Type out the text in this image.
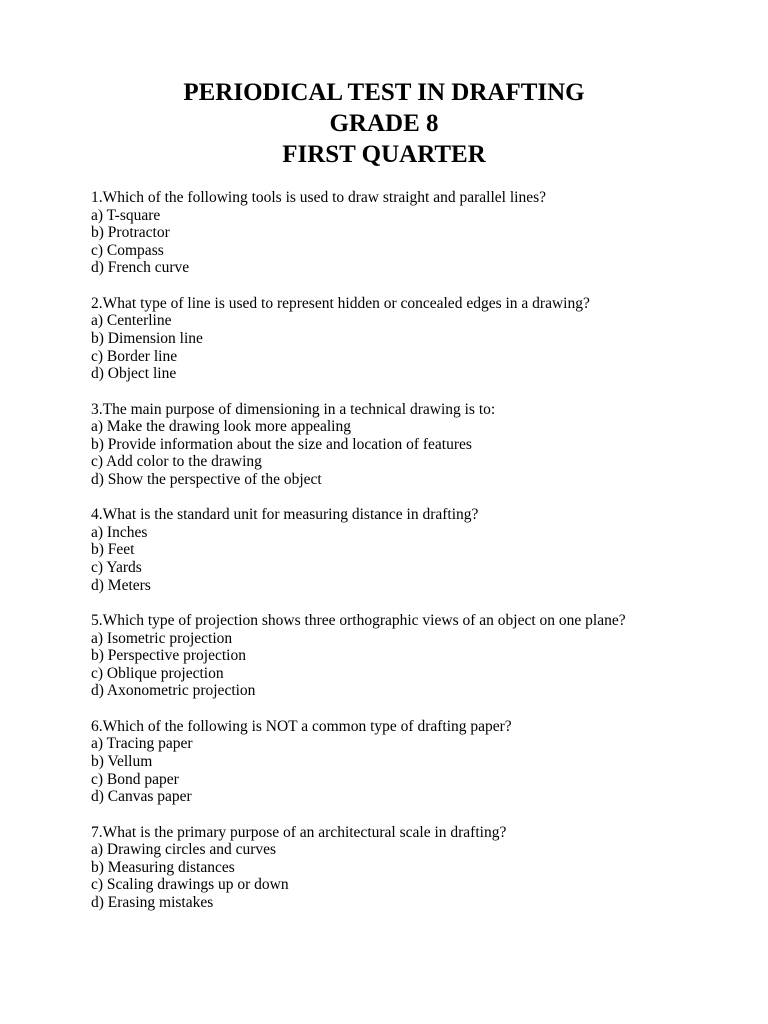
PERIODICAL TEST IN DRAFTING
GRADE 8
FIRST QUARTER
1.Which of the following tools is used to draw straight and parallel lines?
a) T-square
b) Protractor
c) Compass
d) French curve
2.What type of line is used to represent hidden or concealed edges in a drawing?
a) Centerline
b) Dimension line
c) Border line
d) Object line
3.The main purpose of dimensioning in a technical drawing is to:
a) Make the drawing look more appealing
b) Provide information about the size and location of features
c) Add color to the drawing
d) Show the perspective of the object
4.What is the standard unit for measuring distance in drafting?
a) Inches
b) Feet
c) Yards
d) Meters
5.Which type of projection shows three orthographic views of an object on one plane?
a) Isometric projection
b) Perspective projection
c) Oblique projection
d) Axonometric projection
6.Which of the following is NOT a common type of drafting paper?
a) Tracing paper
b) Vellum
c) Bond paper
d) Canvas paper
7.What is the primary purpose of an architectural scale in drafting?
a) Drawing circles and curves
b) Measuring distances
c) Scaling drawings up or down
d) Erasing mistakes
